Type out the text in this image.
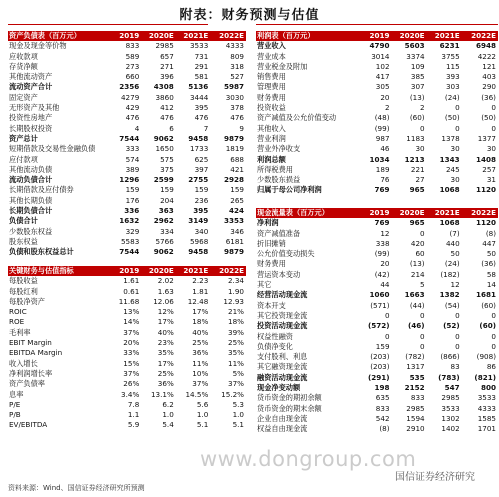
附表：财务预测与估值
资产负债表（百万元）	2019	2020E	2021E	2022E
现金及现金等价物	833	2985	3533	4333
应收款项	589	657	731	809
存货净额	273	271	291	318
其他流动资产	660	396	581	527
流动资产合计	2356	4308	5136	5987
固定资产	4279	3860	3444	3030
无形资产及其他	429	412	395	378
投资性房地产	476	476	476	476
长期股权投资	4	6	7	9
资产总计	7544	9062	9458	9879
短期借款及交易性金融负债	333	1650	1733	1819
应付款项	574	575	625	688
其他流动负债	389	375	397	421
流动负债合计	1296	2599	2755	2928
长期借款及应付债券	159	159	159	159
其他长期负债	176	204	236	265
长期负债合计	336	363	395	424
负债合计	1632	2962	3149	3353
少数股东权益	329	334	340	346
股东权益	5583	5766	5968	6181
负债和股东权益总计	7544	9062	9458	9879
关键财务与估值指标	2019	2020E	2021E	2022E
每股收益	1.61	2.02	2.23	2.34
每股红利	0.61	1.63	1.81	1.90
每股净资产	11.68	12.06	12.48	12.93
ROIC	13%	12%	17%	21%
ROE	14%	17%	18%	18%
毛利率	37%	40%	40%	39%
EBIT Margin	20%	23%	25%	25%
EBITDA Margin	33%	35%	36%	35%
收入增长	15%	17%	11%	11%
净利润增长率	37%	25%	10%	5%
资产负债率	26%	36%	37%	37%
息率	3.4%	13.1%	14.5%	15.2%
P/E	7.8	6.2	5.6	5.3
P/B	1.1	1.0	1.0	1.0
EV/EBITDA	5.9	5.4	5.1	5.1
利润表（百万元）	2019	2020E	2021E	2022E
营业收入	4790	5603	6231	6948
营业成本	3014	3374	3755	4222
营业税金及附加	102	109	115	121
销售费用	417	385	393	403
管理费用	305	307	303	290
财务费用	20	(13)	(24)	(36)
投资收益	2	2	0	0
资产减值及公允价值变动	(48)	(60)	(50)	(50)
其他收入	(99)	0	0	0
营业利润	987	1183	1378	1377
营业外净收支	46	30	30	30
利润总额	1034	1213	1343	1408
所得税费用	189	221	245	257
少数股东损益	76	27	30	31
归属于母公司净利润	769	965	1068	1120
现金流量表（百万元）	2019	2020E	2021E	2022E
净利润	769	965	1068	1120
资产减值准备	12	0	(7)	(8)
折旧摊销	338	420	440	447
公允价值变动损失	(99)	60	50	50
财务费用	20	(13)	(24)	(36)
营运资本变动	(42)	214	(182)	58
其它	44	5	12	14
经营活动现金流	1060	1663	1382	1681
资本开支	(571)	(44)	(54)	(60)
其它投资现金流	0	0	0	0
投资活动现金流	(572)	(46)	(52)	(60)
权益性融资	0	0	0	0
负债净变化	159	0	0	0
支付股利、利息	(203)	(782)	(866)	(908)
其它融资现金流	(203)	1317	83	86
融资活动现金流	(291)	535	(783)	(821)
现金净变动额	198	2152	547	800
货币资金的期初余额	635	833	2985	3533
货币资金的期末余额	833	2985	3533	4333
企业自由现金流	542	1594	1302	1585
权益自由现金流	(8)	2910	1402	1701
www.dongroup.com
国信证券经济研究
资料来源：Wind、国信证券经济研究所预测
